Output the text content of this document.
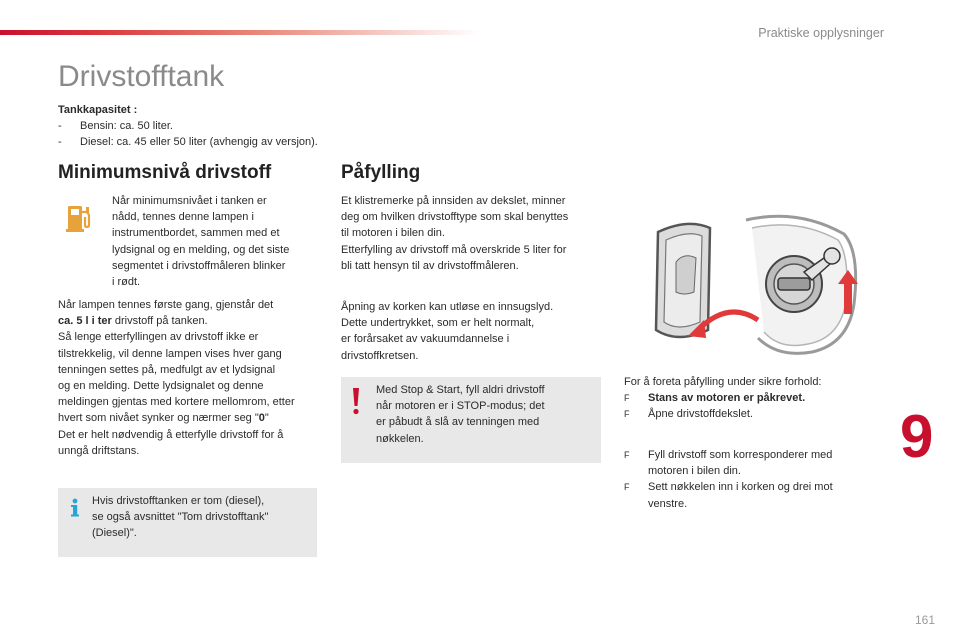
Praktiske opplysninger
Drivstofftank
Tankkapasitet :
-	Bensin: ca. 50 liter.
-	Diesel: ca. 45 eller 50 liter (avhengig av versjon).
Minimumsnivå drivstoff
Når minimumsnivået i tanken er
nådd, tennes denne lampen i
instrumentbordet, sammen med et
lydsignal og en melding, og det siste
segmentet i drivstoffmåleren blinker
i rødt.
Når lampen tennes første gang, gjenstår det
ca. 5 l i ter drivstoff på tanken.
Så lenge etterfyllingen av drivstoff ikke er
tilstrekkelig, vil denne lampen vises hver gang
tenningen settes på, medfulgt av et lydsignal
og en melding. Dette lydsignalet og denne
meldingen gjentas med kortere mellomrom, etter
hvert som nivået synker og nærmer seg "0"
Det er helt nødvendig å etterfylle drivstoff for å
unngå driftstans.
Hvis drivstofftanken er tom (diesel),
se også avsnittet "Tom drivstofftank"
(Diesel)".
Påfylling
Et klistremerke på innsiden av dekslet, minner
deg om hvilken drivstofftype som skal benyttes
til motoren i bilen din.
Etterfylling av drivstoff må overskride 5 liter for
bli tatt hensyn til av drivstoffmåleren.
Åpning av korken kan utløse en innsugslyd.
Dette undertrykket, som er helt normalt,
er forårsaket av vakuumdannelse i
drivstoffkretsen.
Med Stop & Start, fyll aldri drivstoff
når motoren er i STOP-modus; det
er påbudt å slå av tenningen med
nøkkelen.
For å foreta påfylling under sikre forhold:
F	Stans av motoren er påkrevet.
F	Åpne drivstoffdekslet.
F	Fyll drivstoff som korresponderer med
motoren i bilen din.
F	Sett nøkkelen inn i korken og drei mot
venstre.
9
161
